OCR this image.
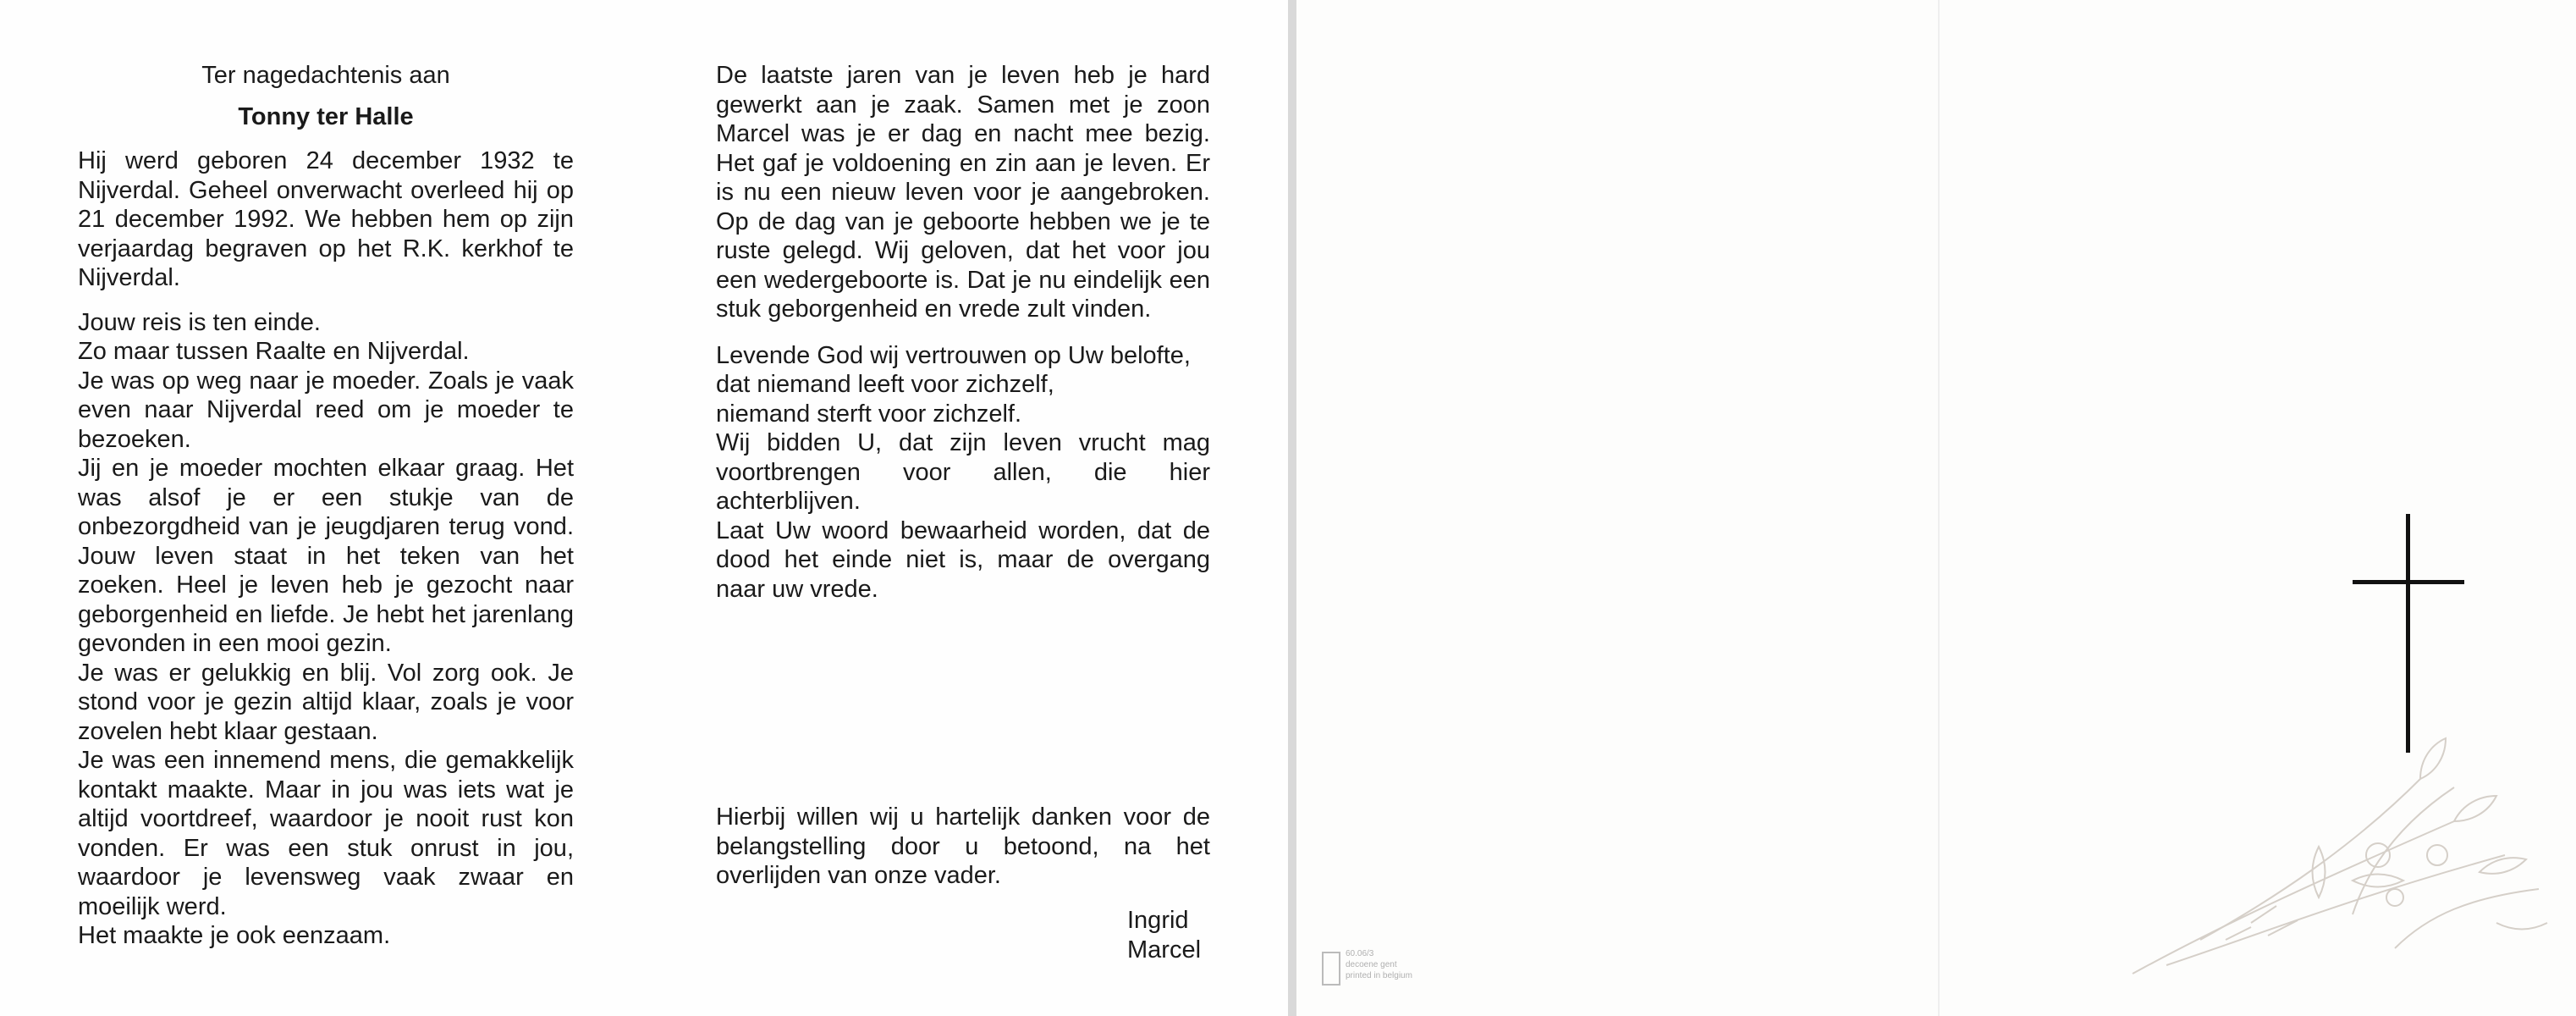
Ter nagedachtenis aan
Tonny ter Halle

Hij werd geboren 24 december 1932 te Nijverdal. Geheel onverwacht overleed hij op 21 december 1992. We hebben hem op zijn verjaardag begraven op het R.K. kerkhof te Nijverdal.

Jouw reis is ten einde.

Zo maar tussen Raalte en Nijverdal.

Je was op weg naar je moeder. Zoals je vaak even naar Nijverdal reed om je moeder te bezoeken.

Jij en je moeder mochten elkaar graag. Het was alsof je er een stukje van de onbezorgdheid van je jeugdjaren terug vond. Jouw leven staat in het teken van het zoeken. Heel je leven heb je gezocht naar geborgenheid en liefde. Je hebt het jarenlang gevonden in een mooi gezin.

Je was er gelukkig en blij. Vol zorg ook. Je stond voor je gezin altijd klaar, zoals je voor zovelen hebt klaar gestaan.

Je was een innemend mens, die gemakkelijk kontakt maakte. Maar in jou was iets wat je altijd voortdreef, waardoor je nooit rust kon vonden. Er was een stuk onrust in jou, waardoor je levensweg vaak zwaar en moeilijk werd.

Het maakte je ook eenzaam.

De laatste jaren van je leven heb je hard gewerkt aan je zaak. Samen met je zoon Marcel was je er dag en nacht mee bezig. Het gaf je voldoening en zin aan je leven. Er is nu een nieuw leven voor je aangebroken. Op de dag van je geboorte hebben we je te ruste gelegd. Wij geloven, dat het voor jou een wedergeboorte is. Dat je nu eindelijk een stuk geborgenheid en vrede zult vinden.

Levende God wij vertrouwen op Uw belofte,

dat niemand leeft voor zichzelf,

niemand sterft voor zichzelf.

Wij bidden U, dat zijn leven vrucht mag voortbrengen voor allen, die hier achterblijven.

Laat Uw woord bewaarheid worden, dat de dood het einde niet is, maar de overgang naar uw vrede.

Hierbij willen wij u hartelijk danken voor de belangstelling door u betoond, na het overlijden van onze vader.

Ingrid
Marcel	60.06/3
decoene gent
printed in belgium
